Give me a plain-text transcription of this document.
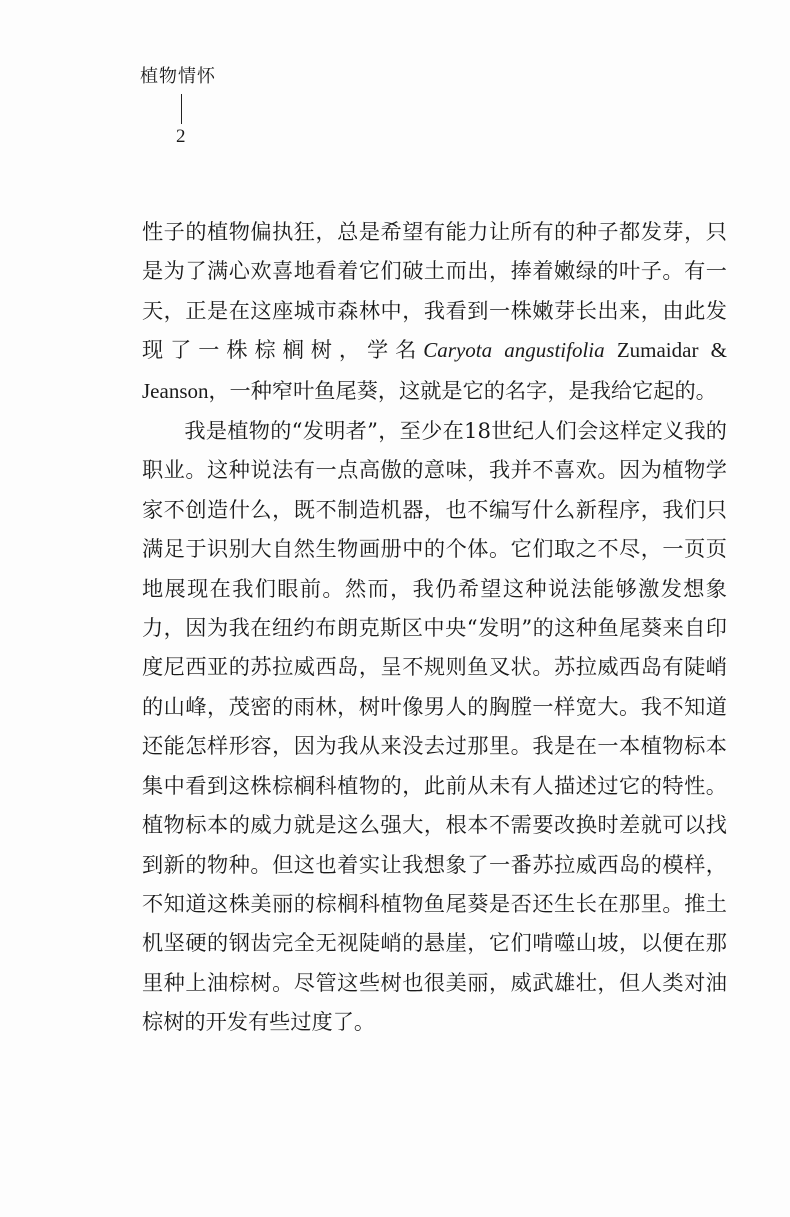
植物情怀
2

性子的植物偏执狂，总是希望有能力让所有的种子都发芽，只是为了满心欢喜地看着它们破土而出，捧着嫩绿的叶子。有一天，正是在这座城市森林中，我看到一株嫩芽长出来，由此发现了一株棕榈树，学名Caryota angustifolia Zumaidar & Jeanson，一种窄叶鱼尾葵，这就是它的名字，是我给它起的。

我是植物的“发明者”，至少在18世纪人们会这样定义我的职业。这种说法有一点高傲的意味，我并不喜欢。因为植物学家不创造什么，既不制造机器，也不编写什么新程序，我们只满足于识别大自然生物画册中的个体。它们取之不尽，一页页地展现在我们眼前。然而，我仍希望这种说法能够激发想象力，因为我在纽约布朗克斯区中央“发明”的这种鱼尾葵来自印度尼西亚的苏拉威西岛，呈不规则鱼叉状。苏拉威西岛有陡峭的山峰，茂密的雨林，树叶像男人的胸膛一样宽大。我不知道还能怎样形容，因为我从来没去过那里。我是在一本植物标本集中看到这株棕榈科植物的，此前从未有人描述过它的特性。植物标本的威力就是这么强大，根本不需要改换时差就可以找到新的物种。但这也着实让我想象了一番苏拉威西岛的模样，不知道这株美丽的棕榈科植物鱼尾葵是否还生长在那里。推土机坚硬的钢齿完全无视陡峭的悬崖，它们啃噬山坡，以便在那里种上油棕树。尽管这些树也很美丽，威武雄壮，但人类对油棕树的开发有些过度了。
